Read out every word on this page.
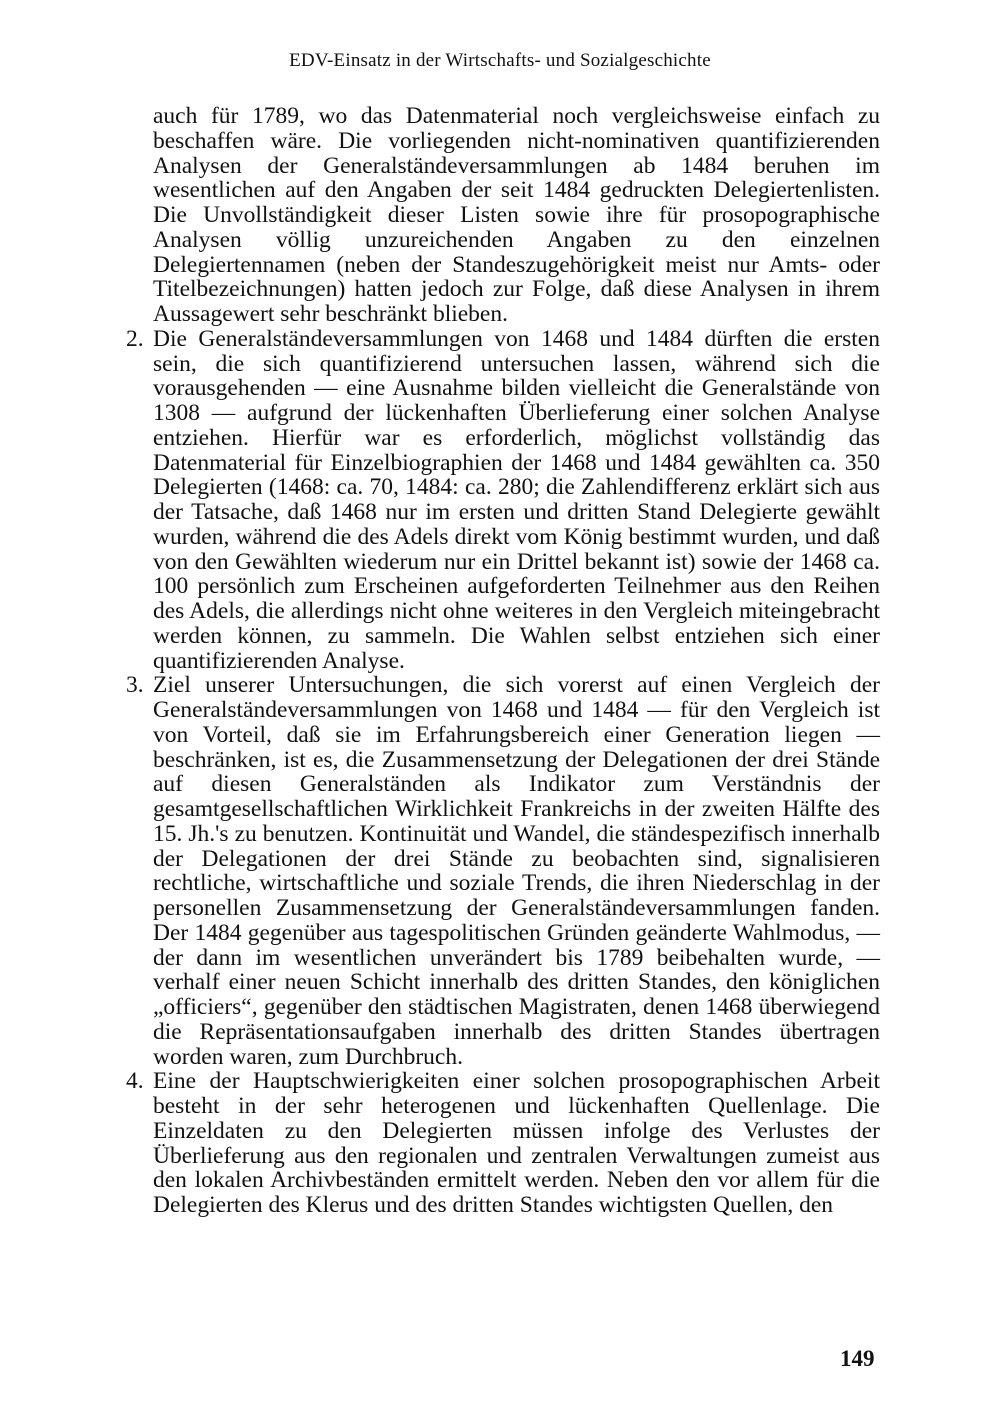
EDV-Einsatz in der Wirtschafts- und Sozialgeschichte

auch für 1789, wo das Datenmaterial noch vergleichsweise einfach zu beschaffen wäre. Die vorliegenden nicht-nominativen quantifizierenden Analysen der Generalständeversammlungen ab 1484 beruhen im wesentlichen auf den Angaben der seit 1484 gedruckten Delegiertenlisten. Die Unvollständigkeit dieser Listen sowie ihre für prosopographische Analysen völlig unzureichenden Angaben zu den einzelnen Delegiertennamen (neben der Standeszugehörigkeit meist nur Amts- oder Titelbezeichnungen) hatten jedoch zur Folge, daß diese Analysen in ihrem Aussagewert sehr beschränkt blieben.

2. Die Generalständeversammlungen von 1468 und 1484 dürften die ersten sein, die sich quantifizierend untersuchen lassen, während sich die vorausgehenden — eine Ausnahme bilden vielleicht die Generalstände von 1308 — aufgrund der lückenhaften Überlieferung einer solchen Analyse entziehen. Hierfür war es erforderlich, möglichst vollständig das Datenmaterial für Einzelbiographien der 1468 und 1484 gewählten ca. 350 Delegierten (1468: ca. 70, 1484: ca. 280; die Zahlendifferenz erklärt sich aus der Tatsache, daß 1468 nur im ersten und dritten Stand Delegierte gewählt wurden, während die des Adels direkt vom König bestimmt wurden, und daß von den Gewählten wiederum nur ein Drittel bekannt ist) sowie der 1468 ca. 100 persönlich zum Erscheinen aufgeforderten Teilnehmer aus den Reihen des Adels, die allerdings nicht ohne weiteres in den Vergleich miteingebracht werden können, zu sammeln. Die Wahlen selbst entziehen sich einer quantifizierenden Analyse.

3. Ziel unserer Untersuchungen, die sich vorerst auf einen Vergleich der Generalständeversammlungen von 1468 und 1484 — für den Vergleich ist von Vorteil, daß sie im Erfahrungsbereich einer Generation liegen — beschränken, ist es, die Zusammensetzung der Delegationen der drei Stände auf diesen Generalständen als Indikator zum Verständnis der gesamtgesellschaftlichen Wirklichkeit Frankreichs in der zweiten Hälfte des 15. Jh.'s zu benutzen. Kontinuität und Wandel, die ständespezifisch innerhalb der Delegationen der drei Stände zu beobachten sind, signalisieren rechtliche, wirtschaftliche und soziale Trends, die ihren Niederschlag in der personellen Zusammensetzung der Generalständeversammlungen fanden. Der 1484 gegenüber aus tagespolitischen Gründen geänderte Wahlmodus, — der dann im wesentlichen unverändert bis 1789 beibehalten wurde, — verhalf einer neuen Schicht innerhalb des dritten Standes, den königlichen „officiers“, gegenüber den städtischen Magistraten, denen 1468 überwiegend die Repräsentationsaufgaben innerhalb des dritten Standes übertragen worden waren, zum Durchbruch.

4. Eine der Hauptschwierigkeiten einer solchen prosopographischen Arbeit besteht in der sehr heterogenen und lückenhaften Quellenlage. Die Einzeldaten zu den Delegierten müssen infolge des Verlustes der Überlieferung aus den regionalen und zentralen Verwaltungen zumeist aus den lokalen Archivbeständen ermittelt werden. Neben den vor allem für die Delegierten des Klerus und des dritten Standes wichtigsten Quellen, den

149
